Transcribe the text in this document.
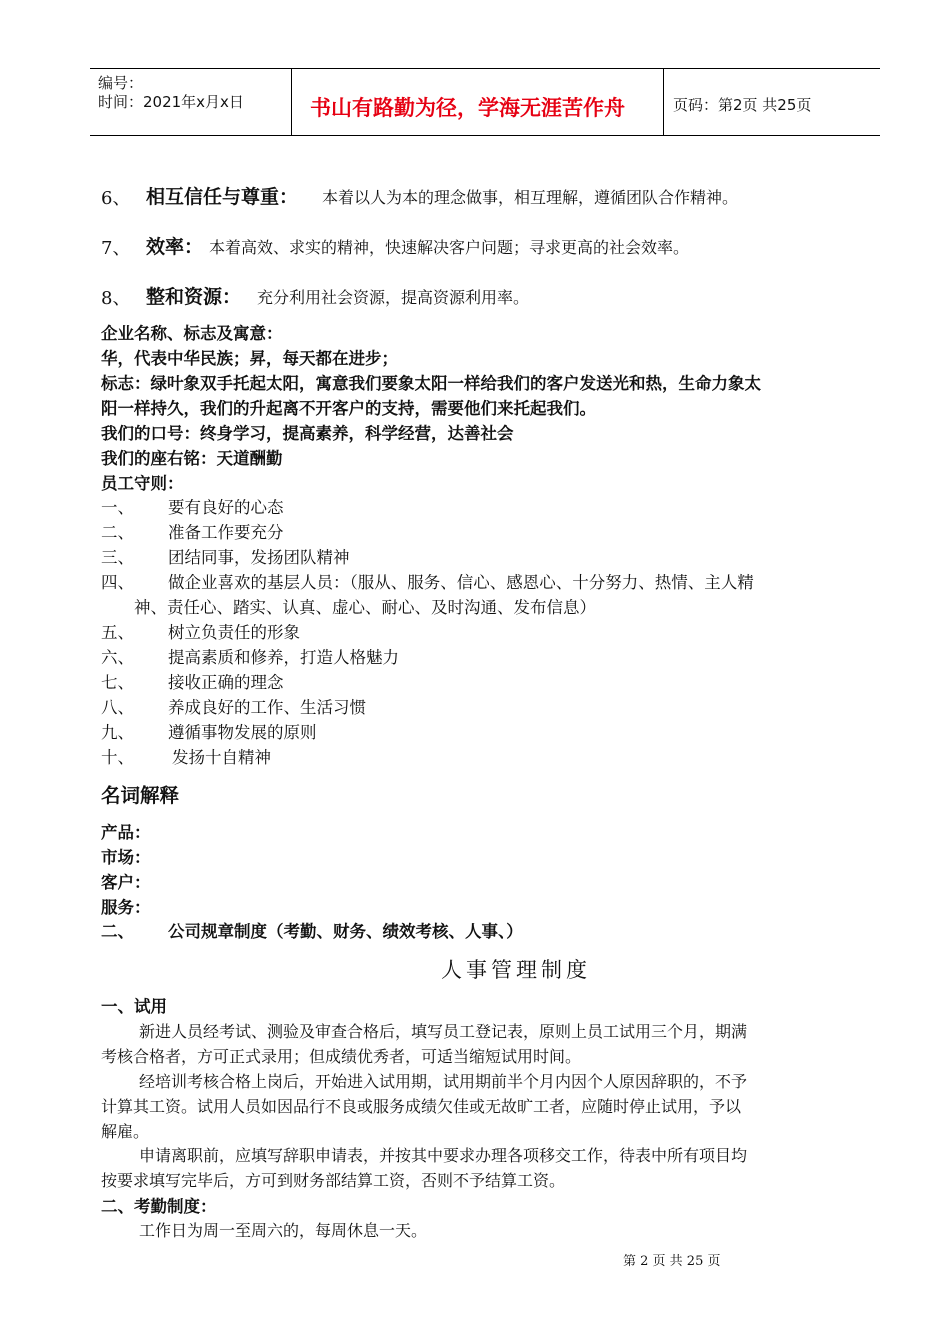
编号：
时间：2021年x月x日	书山有路勤为径，学海无涯苦作舟	页码：第2页 共25页
6、 相互信任与尊重： 本着以人为本的理念做事，相互理解，遵循团队合作精神。
7、 效率： 本着高效、求实的精神，快速解决客户问题；寻求更高的社会效率。
8、 整和资源： 充分利用社会资源，提高资源利用率。
企业名称、标志及寓意：
华，代表中华民族；昇，每天都在进步；
标志：绿叶象双手托起太阳，寓意我们要象太阳一样给我们的客户发送光和热，生命力象太
阳一样持久，我们的升起离不开客户的支持，需要他们来托起我们。
我们的口号：终身学习，提高素养，科学经营，达善社会
我们的座右铭：天道酬勤
员工守则：
一、 要有良好的心态
二、 准备工作要充分
三、 团结同事，发扬团队精神
四、 做企业喜欢的基层人员：（服从、服务、信心、感恩心、十分努力、热情、主人精
神、责任心、踏实、认真、虚心、耐心、及时沟通、发布信息）
五、 树立负责任的形象
六、 提高素质和修养，打造人格魅力
七、 接收正确的理念
八、 养成良好的工作、生活习惯
九、 遵循事物发展的原则
十、 发扬十自精神
名词解释
产品：
市场：
客户：
服务：
二、 公司规章制度（考勤、财务、绩效考核、人事、）
人事管理制度
一、试用
新进人员经考试、测验及审查合格后，填写员工登记表，原则上员工试用三个月，期满
考核合格者，方可正式录用；但成绩优秀者，可适当缩短试用时间。
经培训考核合格上岗后，开始进入试用期，试用期前半个月内因个人原因辞职的，不予
计算其工资。试用人员如因品行不良或服务成绩欠佳或无故旷工者，应随时停止试用，予以
解雇。
申请离职前，应填写辞职申请表，并按其中要求办理各项移交工作，待表中所有项目均
按要求填写完毕后，方可到财务部结算工资，否则不予结算工资。
二、考勤制度：
工作日为周一至周六的，每周休息一天。
第 2 页 共 25 页
